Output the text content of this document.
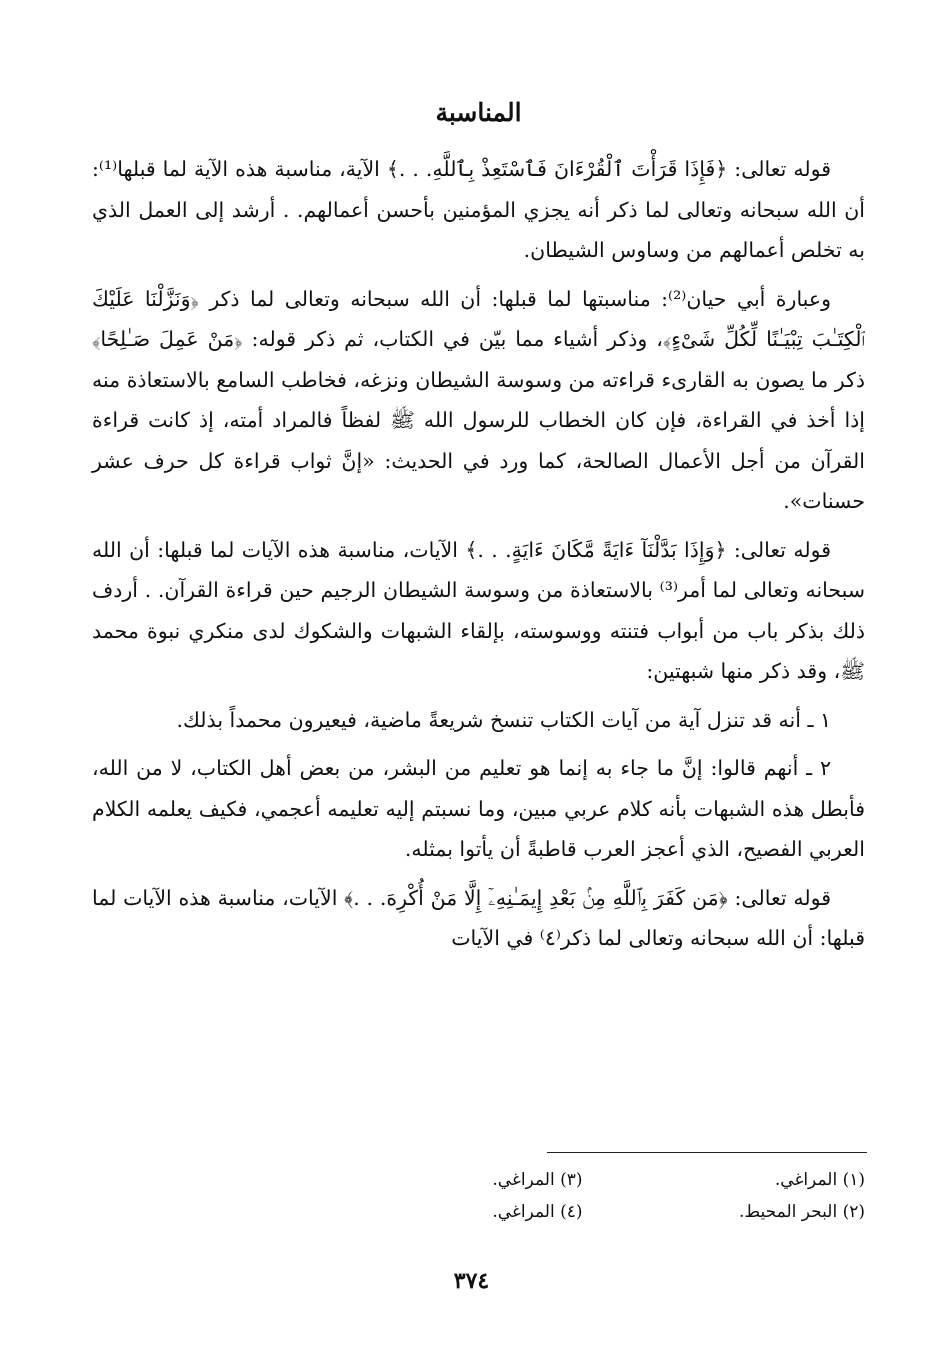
المناسبة

قوله تعالى: ﴿فَإِذَا قَرَأْتَ ٱلْقُرْءَانَ فَٱسْتَعِذْ بِٱللَّهِ. . .﴾ الآية، مناسبة هذه الآية لما قبلها⁽¹⁾: أن الله سبحانه وتعالى لما ذكر أنه يجزي المؤمنين بأحسن أعمالهم. . أرشد إلى العمل الذي به تخلص أعمالهم من وساوس الشيطان.

وعبارة أبي حيان⁽²⁾: مناسبتها لما قبلها: أن الله سبحانه وتعالى لما ذكر ﴿وَنَزَّلْنَا عَلَيْكَ ٱلْكِتَـٰبَ تِبْيَـٰنًا لِّكُلِّ شَىْءٍ﴾، وذكر أشياء مما بيّن في الكتاب، ثم ذكر قوله: ﴿مَنْ عَمِلَ صَـٰلِحًا﴾ ذكر ما يصون به القارىء قراءته من وسوسة الشيطان ونزغه، فخاطب السامع بالاستعاذة منه إذا أخذ في القراءة، فإن كان الخطاب للرسول الله ﷺ لفظاً فالمراد أمته، إذ كانت قراءة القرآن من أجل الأعمال الصالحة، كما ورد في الحديث: «إنَّ ثواب قراءة كل حرف عشر حسنات».

قوله تعالى: ﴿وَإِذَا بَدَّلْنَآ ءَايَةً مَّكَانَ ءَايَةٍ. . .﴾ الآيات، مناسبة هذه الآيات لما قبلها: أن الله سبحانه وتعالى لما أمر⁽³⁾ بالاستعاذة من وسوسة الشيطان الرجيم حين قراءة القرآن. . أردف ذلك بذكر باب من أبواب فتنته ووسوسته، بإلقاء الشبهات والشكوك لدى منكري نبوة محمد ﷺ، وقد ذكر منها شبهتين:

١ ـ أنه قد تنزل آية من آيات الكتاب تنسخ شريعةً ماضية، فيعيرون محمداً بذلك.

٢ ـ أنهم قالوا: إنَّ ما جاء به إنما هو تعليم من البشر، من بعض أهل الكتاب، لا من الله، فأبطل هذه الشبهات بأنه كلام عربي مبين، وما نسبتم إليه تعليمه أعجمي، فكيف يعلمه الكلام العربي الفصيح، الذي أعجز العرب قاطبةً أن يأتوا بمثله.

قوله تعالى: ﴿مَن كَفَرَ بِٱللَّهِ مِنۢ بَعْدِ إِيمَـٰنِهِۦٓ إِلَّا مَنْ أُكْرِهَ. . .﴾ الآيات، مناسبة هذه الآيات لما قبلها: أن الله سبحانه وتعالى لما ذكر⁽٤⁾ في الآيات

(١) المراغي.
(٣) المراغي.
(٢) البحر المحيط.
(٤) المراغي.
٣٧٤
